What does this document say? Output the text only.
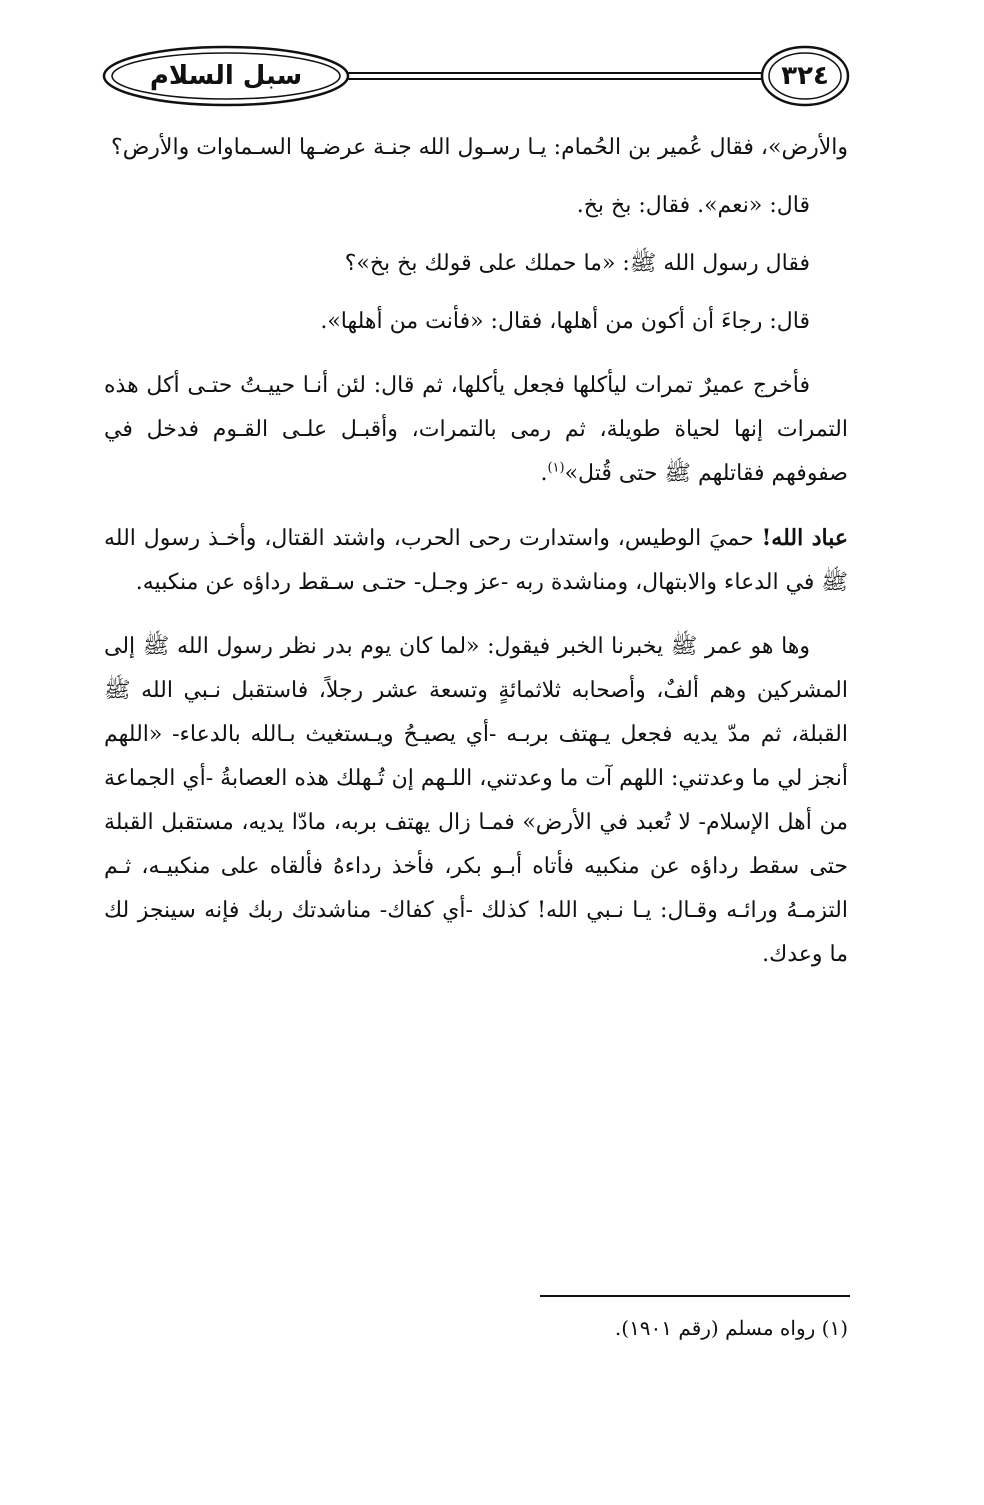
سبل السلام	٣٢٤

والأرض»، فقال عُمير بن الحُمام: يـا رسـول الله جنـة عرضـها السـماوات والأرض؟

قال: «نعم». فقال: بخ بخ.

فقال رسول الله ﷺ: «ما حملك على قولك بخ بخ»؟

قال: رجاءَ أن أكون من أهلها، فقال: «فأنت من أهلها».

فأخرج عميرٌ تمرات ليأكلها فجعل يأكلها، ثم قال: لئن أنـا حييـتُ حتـى أكل هذه التمرات إنها لحياة طويلة، ثم رمى بالتمرات، وأقبـل علـى القـوم فدخل في صفوفهم فقاتلهم ﷺ حتى قُتل»$^{(١)}$.

عباد الله! حميَ الوطيس، واستدارت رحى الحرب، واشتد القتال، وأخـذ رسول الله ﷺ في الدعاء والابتهال، ومناشدة ربه -عز وجـل- حتـى سـقط رداؤه عن منكبيه.

وها هو عمر ﷺ يخبرنا الخبر فيقول: «لما كان يوم بدر نظر رسول الله ﷺ إلى المشركين وهم ألفٌ، وأصحابه ثلاثمائةٍ وتسعة عشر رجلاً، فاستقبل نـبي الله ﷺ القبلة، ثم مدّ يديه فجعل يـهتف بربـه -أي يصيـحُ ويـستغيث بـالله بالدعاء- «اللهم أنجز لي ما وعدتني: اللهم آت ما وعدتني، اللـهم إن تُـهلك هذه العصابةُ -أي الجماعة من أهل الإسلام- لا تُعبد في الأرض» فمـا زال يهتف بربه، مادّا يديه، مستقبل القبلة حتى سقط رداؤه عن منكبيه فأتاه أبـو بكر، فأخذ رداءهُ فألقاه على منكبيـه، ثـم التزمـهُ ورائـه وقـال: يـا نـبي الله! كذلك -أي كفاك- مناشدتك ربك فإنه سينجز لك ما وعدك.

(١) رواه مسلم (رقم ١٩٠١).
